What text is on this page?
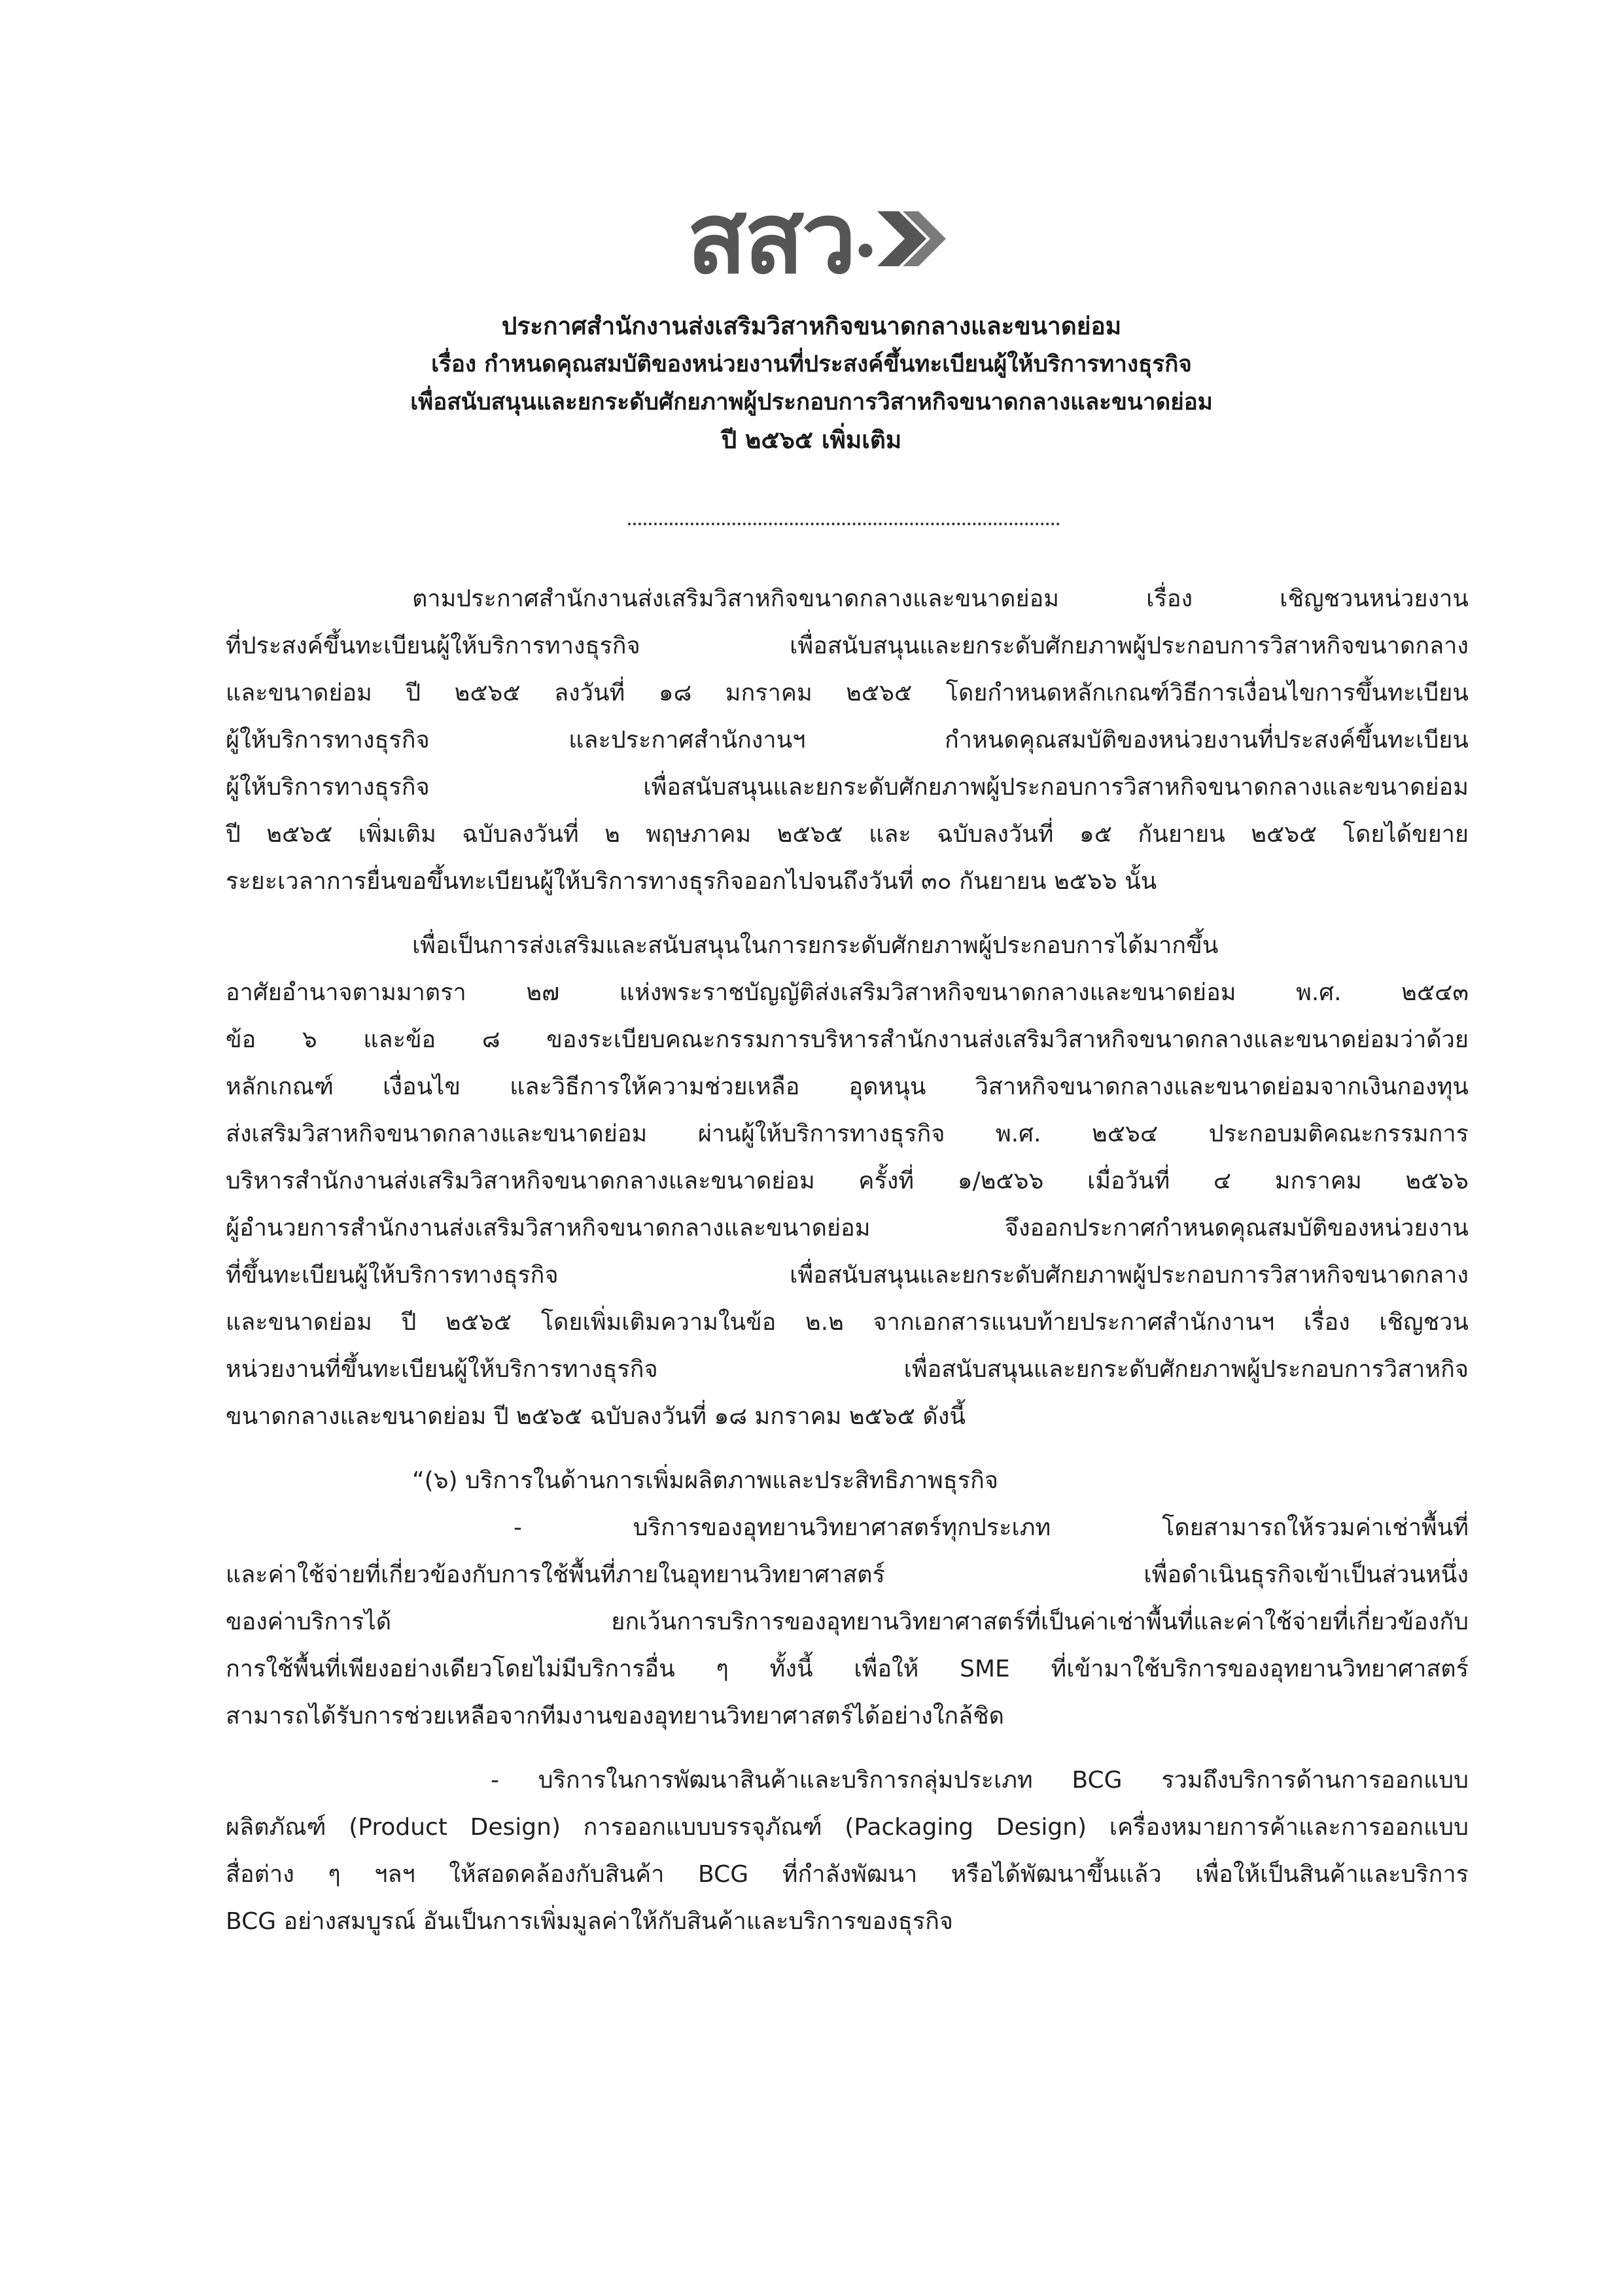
สสว
ประกาศสำนักงานส่งเสริมวิสาหกิจขนาดกลางและขนาดย่อม
เรื่อง กำหนดคุณสมบัติของหน่วยงานที่ประสงค์ขึ้นทะเบียนผู้ให้บริการทางธุรกิจ
เพื่อสนับสนุนและยกระดับศักยภาพผู้ประกอบการวิสาหกิจขนาดกลางและขนาดย่อม
ปี ๒๕๖๕ เพิ่มเติม
ตามประกาศสำนักงานส่งเสริมวิสาหกิจขนาดกลางและขนาดย่อม เรื่อง เชิญชวนหน่วยงาน
ที่ประสงค์ขึ้นทะเบียนผู้ให้บริการทางธุรกิจ เพื่อสนับสนุนและยกระดับศักยภาพผู้ประกอบการวิสาหกิจขนาดกลาง
และขนาดย่อม ปี ๒๕๖๕ ลงวันที่ ๑๘ มกราคม ๒๕๖๕ โดยกำหนดหลักเกณฑ์วิธีการเงื่อนไขการขึ้นทะเบียน
ผู้ให้บริการทางธุรกิจ และประกาศสำนักงานฯ กำหนดคุณสมบัติของหน่วยงานที่ประสงค์ขึ้นทะเบียน
ผู้ให้บริการทางธุรกิจ เพื่อสนับสนุนและยกระดับศักยภาพผู้ประกอบการวิสาหกิจขนาดกลางและขนาดย่อม
ปี ๒๕๖๕ เพิ่มเติม ฉบับลงวันที่ ๒ พฤษภาคม ๒๕๖๕ และ ฉบับลงวันที่ ๑๕ กันยายน ๒๕๖๕ โดยได้ขยาย
ระยะเวลาการยื่นขอขึ้นทะเบียนผู้ให้บริการทางธุรกิจออกไปจนถึงวันที่ ๓๐ กันยายน ๒๕๖๖ นั้น
เพื่อเป็นการส่งเสริมและสนับสนุนในการยกระดับศักยภาพผู้ประกอบการได้มากขึ้น
อาศัยอำนาจตามมาตรา ๒๗ แห่งพระราชบัญญัติส่งเสริมวิสาหกิจขนาดกลางและขนาดย่อม พ.ศ. ๒๕๔๓
ข้อ ๖ และข้อ ๘ ของระเบียบคณะกรรมการบริหารสำนักงานส่งเสริมวิสาหกิจขนาดกลางและขนาดย่อมว่าด้วย
หลักเกณฑ์ เงื่อนไข และวิธีการให้ความช่วยเหลือ อุดหนุน วิสาหกิจขนาดกลางและขนาดย่อมจากเงินกองทุน
ส่งเสริมวิสาหกิจขนาดกลางและขนาดย่อม ผ่านผู้ให้บริการทางธุรกิจ พ.ศ. ๒๕๖๔ ประกอบมติคณะกรรมการ
บริหารสำนักงานส่งเสริมวิสาหกิจขนาดกลางและขนาดย่อม ครั้งที่ ๑/๒๕๖๖ เมื่อวันที่ ๔ มกราคม ๒๕๖๖
ผู้อำนวยการสำนักงานส่งเสริมวิสาหกิจขนาดกลางและขนาดย่อม จึงออกประกาศกำหนดคุณสมบัติของหน่วยงาน
ที่ขึ้นทะเบียนผู้ให้บริการทางธุรกิจ เพื่อสนับสนุนและยกระดับศักยภาพผู้ประกอบการวิสาหกิจขนาดกลาง
และขนาดย่อม ปี ๒๕๖๕ โดยเพิ่มเติมความในข้อ ๒.๒ จากเอกสารแนบท้ายประกาศสำนักงานฯ เรื่อง เชิญชวน
หน่วยงานที่ขึ้นทะเบียนผู้ให้บริการทางธุรกิจ เพื่อสนับสนุนและยกระดับศักยภาพผู้ประกอบการวิสาหกิจ
ขนาดกลางและขนาดย่อม ปี ๒๕๖๕ ฉบับลงวันที่ ๑๘ มกราคม ๒๕๖๕ ดังนี้
“(๖) บริการในด้านการเพิ่มผลิตภาพและประสิทธิภาพธุรกิจ
- บริการของอุทยานวิทยาศาสตร์ทุกประเภท โดยสามารถให้รวมค่าเช่าพื้นที่
และค่าใช้จ่ายที่เกี่ยวข้องกับการใช้พื้นที่ภายในอุทยานวิทยาศาสตร์ เพื่อดำเนินธุรกิจเข้าเป็นส่วนหนึ่ง
ของค่าบริการได้ ยกเว้นการบริการของอุทยานวิทยาศาสตร์ที่เป็นค่าเช่าพื้นที่และค่าใช้จ่ายที่เกี่ยวข้องกับ
การใช้พื้นที่เพียงอย่างเดียวโดยไม่มีบริการอื่น ๆ ทั้งนี้ เพื่อให้ SME ที่เข้ามาใช้บริการของอุทยานวิทยาศาสตร์
สามารถได้รับการช่วยเหลือจากทีมงานของอุทยานวิทยาศาสตร์ได้อย่างใกล้ชิด
- บริการในการพัฒนาสินค้าและบริการกลุ่มประเภท BCG รวมถึงบริการด้านการออกแบบ
ผลิตภัณฑ์ (Product Design) การออกแบบบรรจุภัณฑ์ (Packaging Design) เครื่องหมายการค้าและการออกแบบ
สื่อต่าง ๆ ฯลฯ ให้สอดคล้องกับสินค้า BCG ที่กำลังพัฒนา หรือได้พัฒนาขึ้นแล้ว เพื่อให้เป็นสินค้าและบริการ
BCG อย่างสมบูรณ์ อันเป็นการเพิ่มมูลค่าให้กับสินค้าและบริการของธุรกิจ
